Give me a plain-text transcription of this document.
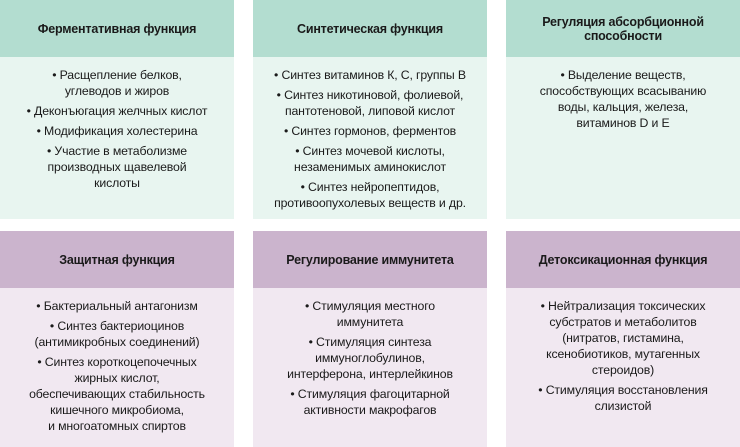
Ферментативная функция
• Расщепление белков,
углеводов и жиров
• Деконъюгация желчных кислот
• Модификация холестерина
• Участие в метаболизме
производных щавелевой
кислоты
Синтетическая функция
• Синтез витаминов К, С, группы В
• Синтез никотиновой, фолиевой,
пантотеновой, липовой кислот
• Синтез гормонов, ферментов
• Синтез мочевой кислоты,
незаменимых аминокислот
• Синтез нейропептидов,
противоопухолевых веществ и др.
Регуляция абсорбционной способности
• Выделение веществ,
способствующих всасыванию
воды, кальция, железа,
витаминов D и Е
Защитная функция
• Бактериальный антагонизм
• Синтез бактериоцинов
(антимикробных соединений)
• Синтез короткоцепочечных
жирных кислот,
обеспечивающих стабильность
кишечного микробиома,
и многоатомных спиртов
Регулирование иммунитета
• Стимуляция местного
иммунитета
• Стимуляция синтеза
иммуноглобулинов,
интерферона, интерлейкинов
• Стимуляция фагоцитарной
активности макрофагов
Детоксикационная функция
• Нейтрализация токсических
субстратов и метаболитов
(нитратов, гистамина,
ксенобиотиков, мутагенных
стероидов)
• Стимуляция восстановления
слизистой
